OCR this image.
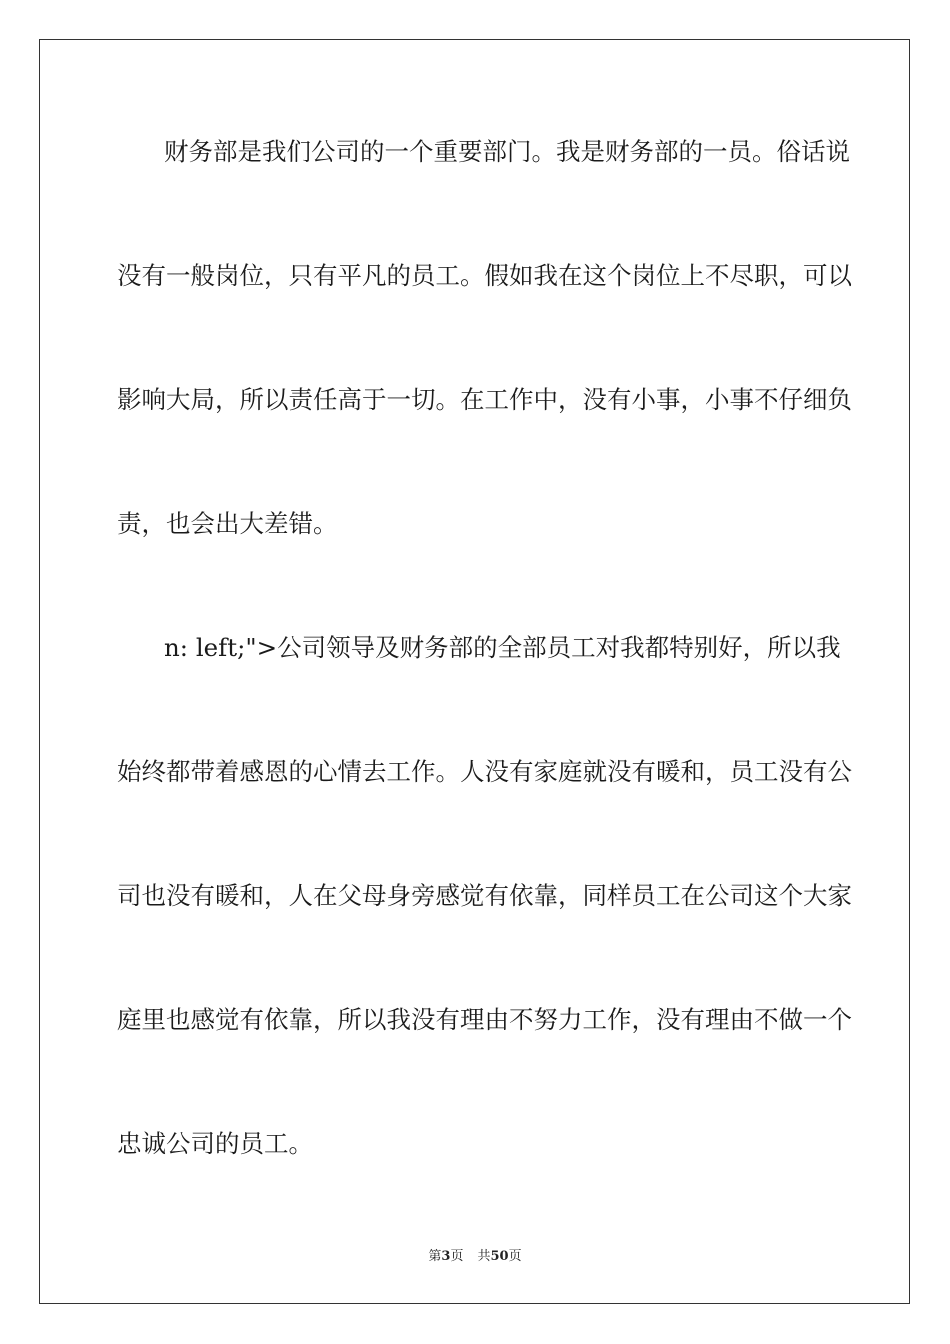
财务部是我们公司的一个重要部门。我是财务部的一员。俗话说
没有一般岗位，只有平凡的员工。假如我在这个岗位上不尽职，可以
影响大局，所以责任高于一切。在工作中，没有小事，小事不仔细负
责，也会出大差错。
n: left;">公司领导及财务部的全部员工对我都特别好，所以我
始终都带着感恩的心情去工作。人没有家庭就没有暖和，员工没有公
司也没有暖和，人在父母身旁感觉有依靠，同样员工在公司这个大家
庭里也感觉有依靠，所以我没有理由不努力工作，没有理由不做一个
忠诚公司的员工。
第3页 共50页
